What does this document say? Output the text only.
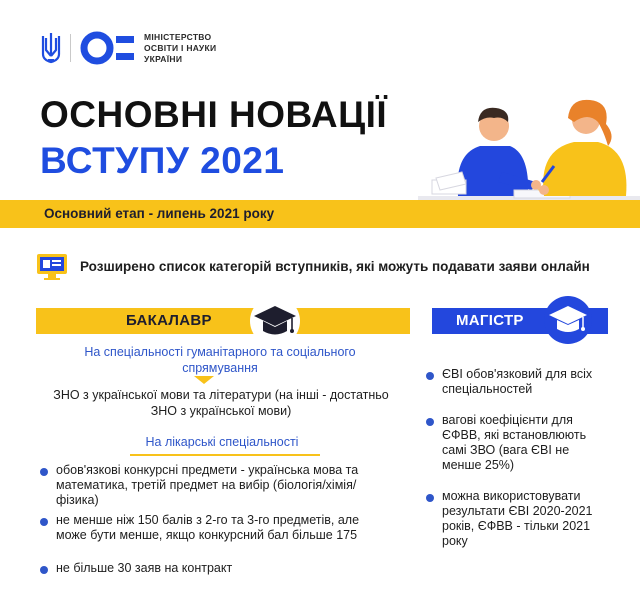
МІНІСТЕРСТВО
ОСВІТИ І НАУКИ
УКРАЇНИ
ОСНОВНІ НОВАЦІЇ
ВСТУПУ 2021
Основний етап - липень 2021 року
Розширено список категорій вступників, які можуть подавати заяви онлайн
БАКАЛАВР
На спеціальності гуманітарного та соціального спрямування
ЗНО з української мови та літератури (на інші - достатньо ЗНО з української мови)
На лікарські спеціальності
обов'язкові конкурсні предмети - українська мова та математика, третій предмет на вибір (біологія/хімія/фізика)
не менше ніж 150 балів з 2-го та 3-го предметів, але може бути менше, якщо конкурсний бал більше 175
не більше 30 заяв на контракт
МАГІСТР
ЄВІ обов'язковий для всіх спеціальностей
вагові коефіцієнти для ЄФВВ, які встановлюють самі ЗВО (вага ЄВІ не менше 25%)
можна використовувати результати ЄВІ 2020-2021 років, ЄФВВ - тільки 2021 року
